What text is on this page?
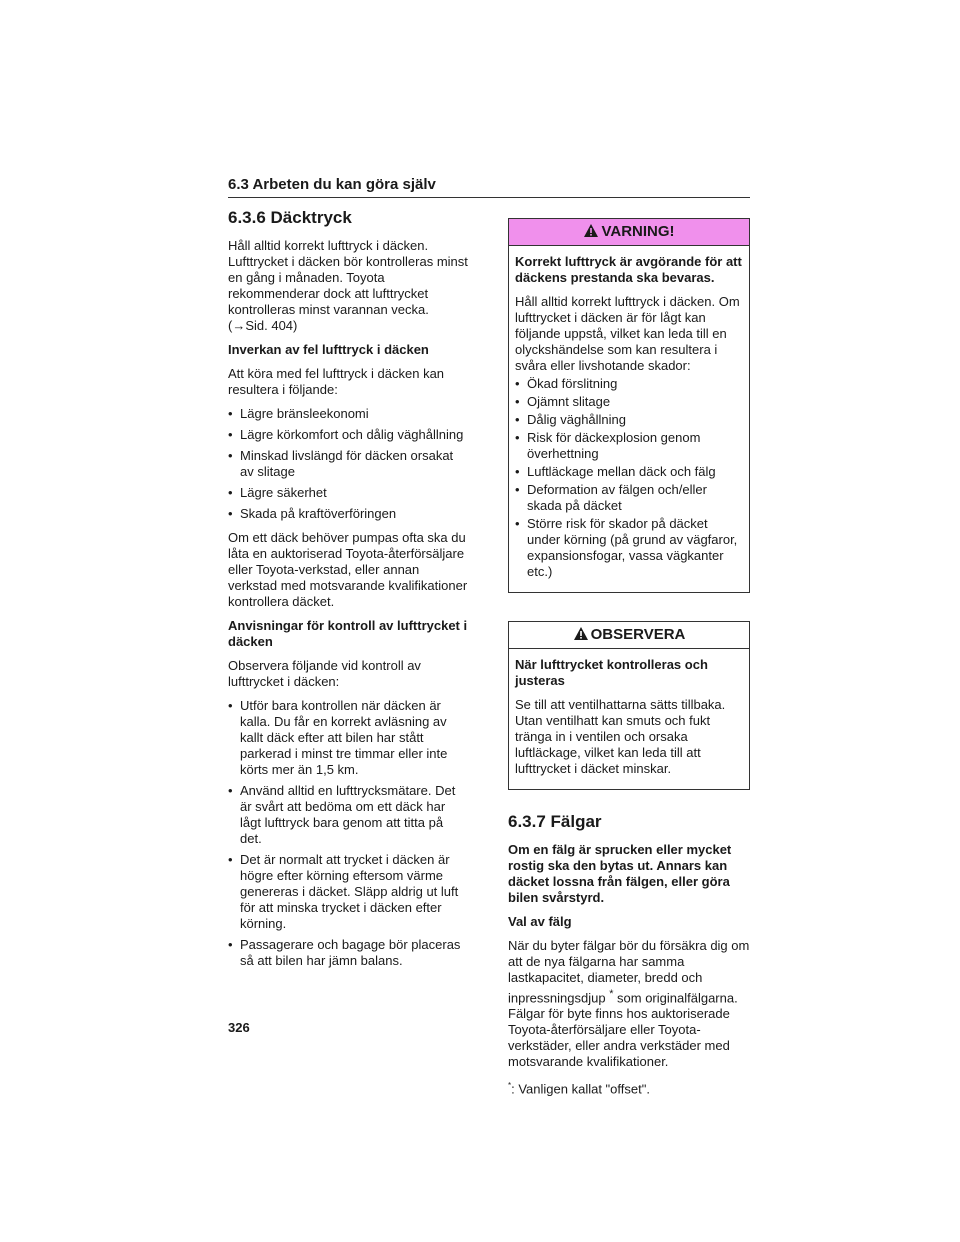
6.3 Arbeten du kan göra själv
6.3.6 Däcktryck

Håll alltid korrekt lufttryck i däcken. Lufttrycket i däcken bör kontrolleras minst en gång i månaden. Toyota rekommenderar dock att lufttrycket kontrolleras minst varannan vecka. (→Sid. 404)

Inverkan av fel lufttryck i däcken

Att köra med fel lufttryck i däcken kan resultera i följande:

• Lägre bränsleekonomi
• Lägre körkomfort och dålig väghållning
• Minskad livslängd för däcken orsakat av slitage
• Lägre säkerhet
• Skada på kraftöverföringen

Om ett däck behöver pumpas ofta ska du låta en auktoriserad Toyota-återförsäljare eller Toyota-verkstad, eller annan verkstad med motsvarande kvalifikationer kontrollera däcket.

Anvisningar för kontroll av lufttrycket i däcken

Observera följande vid kontroll av lufttrycket i däcken:

• Utför bara kontrollen när däcken är kalla. Du får en korrekt avläsning av kallt däck efter att bilen har stått parkerad i minst tre timmar eller inte körts mer än 1,5 km.
• Använd alltid en lufttrycksmätare. Det är svårt att bedöma om ett däck har lågt lufttryck bara genom att titta på det.
• Det är normalt att trycket i däcken är högre efter körning eftersom värme genereras i däcket. Släpp aldrig ut luft för att minska trycket i däcken efter körning.
• Passagerare och bagage bör placeras så att bilen har jämn balans.
VARNING!

Korrekt lufttryck är avgörande för att däckens prestanda ska bevaras.

Håll alltid korrekt lufttryck i däcken. Om lufttrycket i däcken är för lågt kan följande uppstå, vilket kan leda till en olyckshändelse som kan resultera i svåra eller livshotande skador:

• Ökad förslitning
• Ojämnt slitage
• Dålig väghållning
• Risk för däckexplosion genom överhettning
• Luftläckage mellan däck och fälg
• Deformation av fälgen och/eller skada på däcket
• Större risk för skador på däcket under körning (på grund av vägfaror, expansionsfogar, vassa vägkanter etc.)
OBSERVERA

När lufttrycket kontrolleras och justeras

Se till att ventilhattarna sätts tillbaka. Utan ventilhatt kan smuts och fukt tränga in i ventilen och orsaka luftläckage, vilket kan leda till att lufttrycket i däcket minskar.

6.3.7 Fälgar

Om en fälg är sprucken eller mycket rostig ska den bytas ut. Annars kan däcket lossna från fälgen, eller göra bilen svårstyrd.

Val av fälg

När du byter fälgar bör du försäkra dig om att de nya fälgarna har samma lastkapacitet, diameter, bredd och inpressningsdjup * som originalfälgarna. Fälgar för byte finns hos auktoriserade Toyota-återförsäljare eller Toyota-verkstäder, eller andra verkstäder med motsvarande kvalifikationer.

*: Vanligen kallat "offset".
326
